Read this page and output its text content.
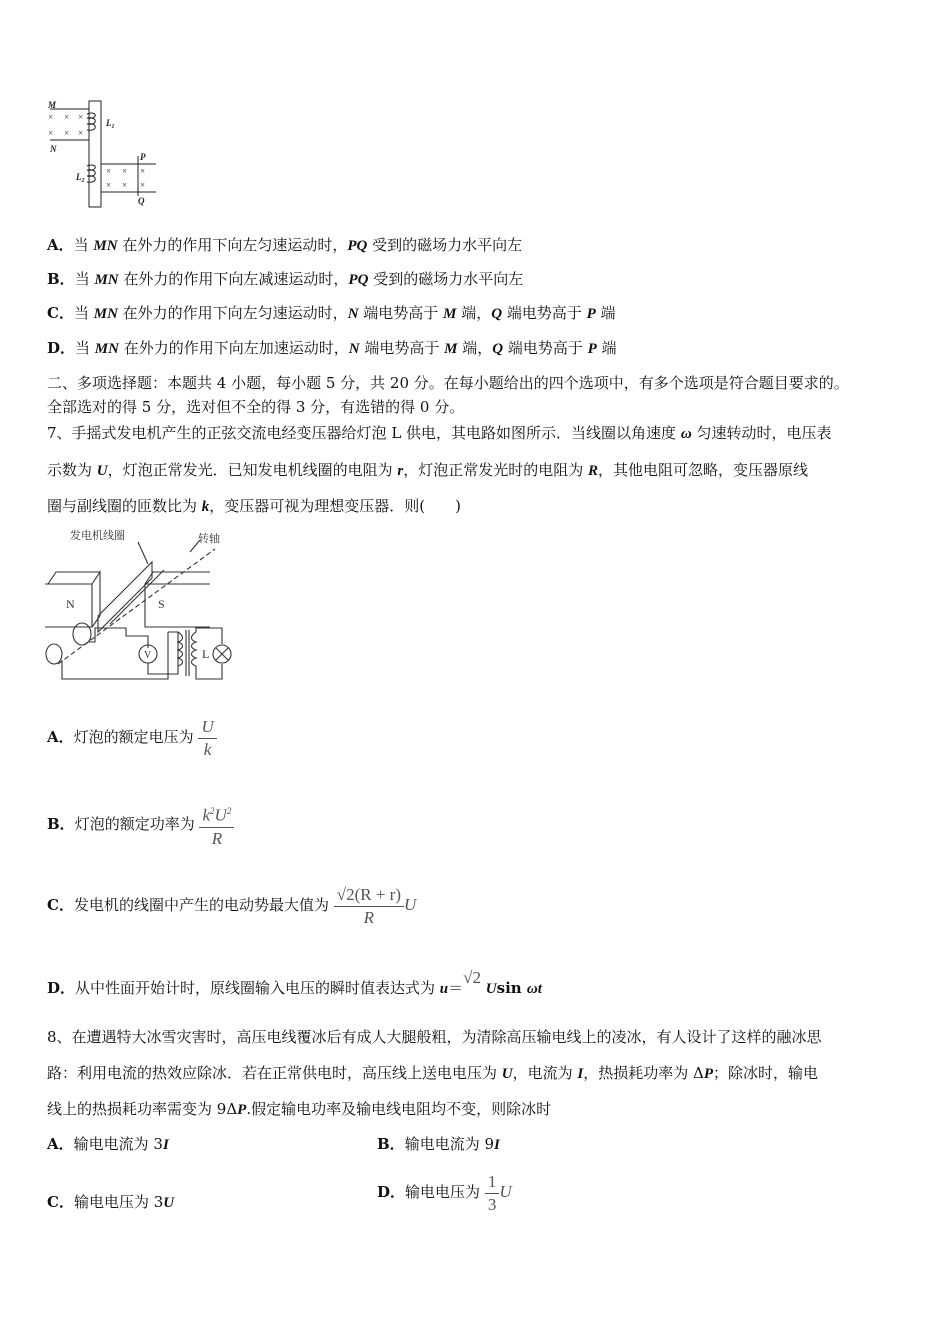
× × ×
× × ×
× × ×
× × ×
M
N
$L_1$
$L_2$
P
Q
A．当 MN 在外力的作用下向左匀速运动时，PQ 受到的磁场力水平向左
B．当 MN 在外力的作用下向左减速运动时，PQ 受到的磁场力水平向左
C．当 MN 在外力的作用下向左匀速运动时，N 端电势高于 M 端，Q 端电势高于 P 端
D．当 MN 在外力的作用下向左加速运动时，N 端电势高于 M 端，Q 端电势高于 P 端
二、多项选择题：本题共 4 小题，每小题 5 分，共 20 分。在每小题给出的四个选项中，有多个选项是符合题目要求的。
全部选对的得 5 分，选对但不全的得 3 分，有选错的得 0 分。
7、手摇式发电机产生的正弦交流电经变压器给灯泡 L 供电，其电路如图所示．当线圈以角速度 ω 匀速转动时，电压表
示数为 U，灯泡正常发光．已知发电机线圈的电阻为 r，灯泡正常发光时的电阻为 R，其他电阻可忽略，变压器原线
圈与副线圈的匝数比为 k，变压器可视为理想变压器．则(　　)
发电机线圈	转轴
N	S
V	L
A．灯泡的额定电压为 $\frac{U}{k}$
B．灯泡的额定功率为 $\frac{k^2U^2}{R}$
C．发电机的线圈中产生的电动势最大值为 $\frac{√2(R + r)}{R}$ U
D．从中性面开始计时，原线圈输入电压的瞬时值表达式为 u＝√2 Usin ωt
8、在遭遇特大冰雪灾害时，高压电线覆冰后有成人大腿般粗，为清除高压输电线上的凌冰，有人设计了这样的融冰思
路：利用电流的热效应除冰．若在正常供电时，高压线上送电电压为 U，电流为 I，热损耗功率为 ΔP；除冰时，输电
线上的热损耗功率需变为 9ΔP.假定输电功率及输电线电阻均不变，则除冰时
A．输电电流为 3I	B．输电电流为 9I
C．输电电压为 3U
D．输电电压为 $\frac{1}{3}$ U
